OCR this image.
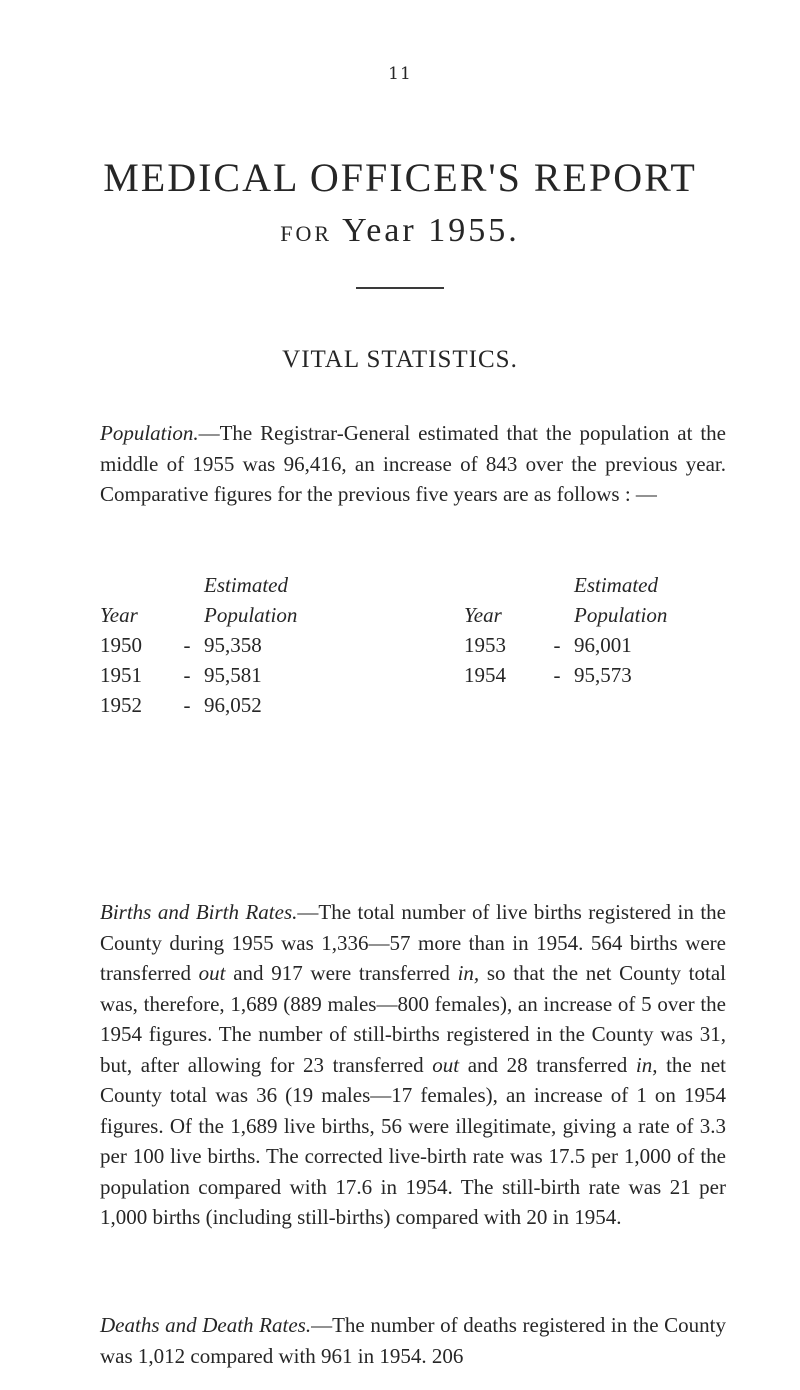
11
MEDICAL OFFICER'S REPORT
FOR Year 1955.
VITAL STATISTICS.
Population.—The Registrar-General estimated that the population at the middle of 1955 was 96,416, an increase of 843 over the previous year. Comparative figures for the previous five years are as follows : —
		Estimated				Estimated
Year		Population		Year		Population
1950	-	95,358		1953	-	96,001
1951	-	95,581		1954	-	95,573
1952	-	96,052				
Births and Birth Rates.—The total number of live births registered in the County during 1955 was 1,336—57 more than in 1954. 564 births were transferred out and 917 were transferred in, so that the net County total was, therefore, 1,689 (889 males—800 females), an increase of 5 over the 1954 figures. The number of still-births registered in the County was 31, but, after allowing for 23 transferred out and 28 transferred in, the net County total was 36 (19 males—17 females), an increase of 1 on 1954 figures. Of the 1,689 live births, 56 were illegitimate, giving a rate of 3.3 per 100 live births. The corrected live-birth rate was 17.5 per 1,000 of the population compared with 17.6 in 1954. The still-birth rate was 21 per 1,000 births (including still-births) compared with 20 in 1954.
Deaths and Death Rates.—The number of deaths registered in the County was 1,012 compared with 961 in 1954. 206
